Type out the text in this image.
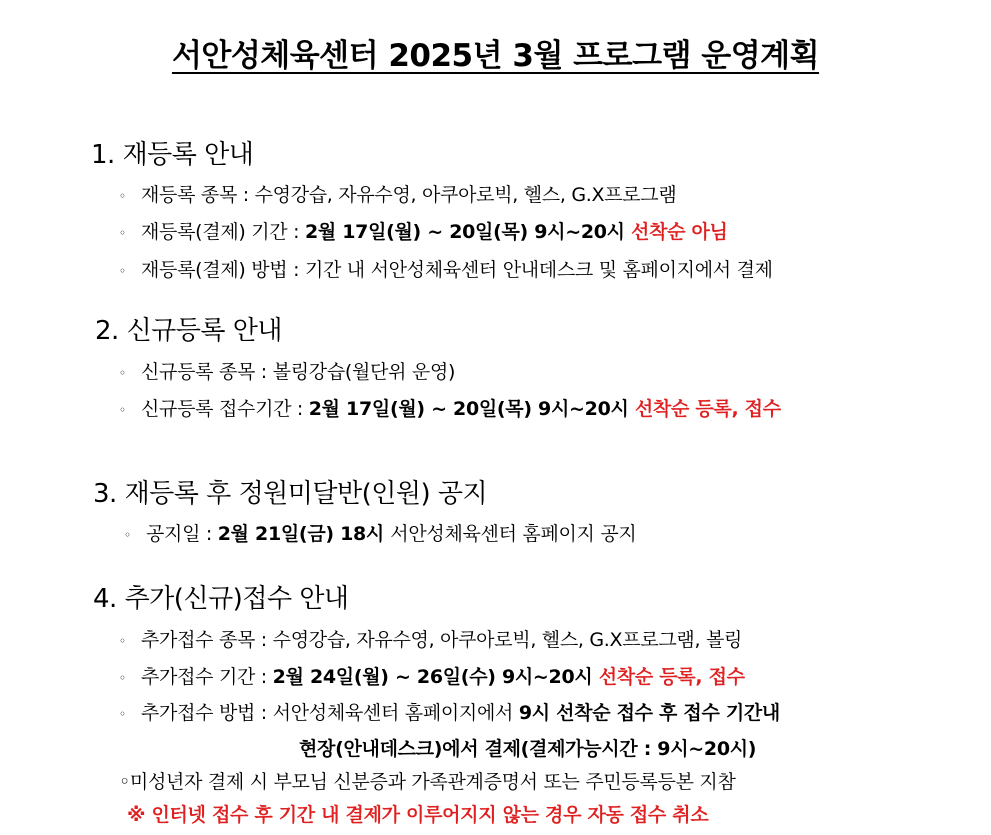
서안성체육센터 2025년 3월 프로그램 운영계획
1. 재등록 안내
◦ 재등록 종목 : 수영강습, 자유수영, 아쿠아로빅, 헬스, G.X프로그램
◦ 재등록(결제) 기간 : 2월 17일(월) ~ 20일(목) 9시~20시 선착순 아님
◦ 재등록(결제) 방법 : 기간 내 서안성체육센터 안내데스크 및 홈페이지에서 결제
2. 신규등록 안내
◦ 신규등록 종목 : 볼링강습(월단위 운영)
◦ 신규등록 접수기간 : 2월 17일(월) ~ 20일(목) 9시~20시 선착순 등록, 접수
3. 재등록 후 정원미달반(인원) 공지
◦ 공지일 : 2월 21일(금) 18시 서안성체육센터 홈페이지 공지
4. 추가(신규)접수 안내
◦ 추가접수 종목 : 수영강습, 자유수영, 아쿠아로빅, 헬스, G.X프로그램, 볼링
◦ 추가접수 기간 : 2월 24일(월) ~ 26일(수) 9시~20시 선착순 등록, 접수
◦ 추가접수 방법 : 서안성체육센터 홈페이지에서 9시 선착순 접수 후 접수 기간내
현장(안내데스크)에서 결제(결제가능시간 : 9시~20시)
◦미성년자 결제 시 부모님 신분증과 가족관계증명서 또는 주민등록등본 지참
※ 인터넷 접수 후 기간 내 결제가 이루어지지 않는 경우 자동 접수 취소
